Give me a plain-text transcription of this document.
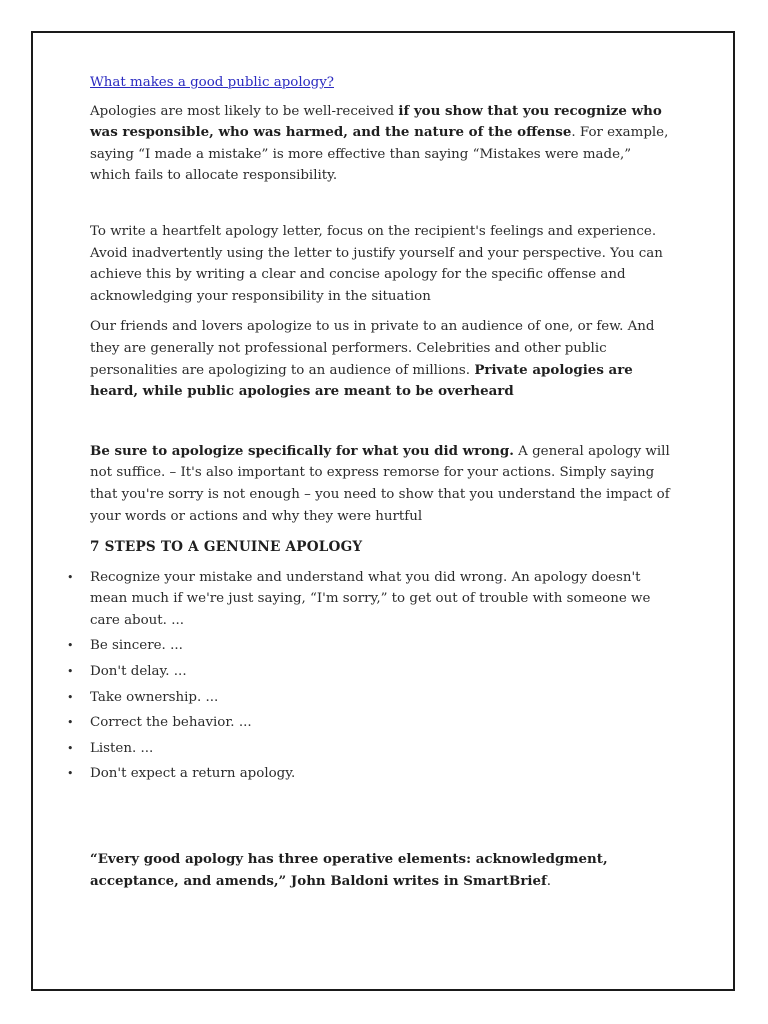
What makes a good public apology?

Apologies are most likely to be well-received if you show that you recognize who was responsible, who was harmed, and the nature of the offense. For example, saying “I made a mistake” is more effective than saying “Mistakes were made,” which fails to allocate responsibility.

To write a heartfelt apology letter, focus on the recipient's feelings and experience. Avoid inadvertently using the letter to justify yourself and your perspective. You can achieve this by writing a clear and concise apology for the specific offense and acknowledging your responsibility in the situation

Our friends and lovers apologize to us in private to an audience of one, or few. And they are generally not professional performers. Celebrities and other public personalities are apologizing to an audience of millions. Private apologies are heard, while public apologies are meant to be overheard

Be sure to apologize specifically for what you did wrong. A general apology will not suffice. – It's also important to express remorse for your actions. Simply saying that you're sorry is not enough – you need to show that you understand the impact of your words or actions and why they were hurtful

7 STEPS TO A GENUINE APOLOGY
• Recognize your mistake and understand what you did wrong. An apology doesn't mean much if we're just saying, “I'm sorry,” to get out of trouble with someone we care about. ...
• Be sincere. ...
• Don't delay. ...
• Take ownership. ...
• Correct the behavior. ...
• Listen. ...
• Don't expect a return apology.

“Every good apology has three operative elements: acknowledgment, acceptance, and amends,” John Baldoni writes in SmartBrief.
